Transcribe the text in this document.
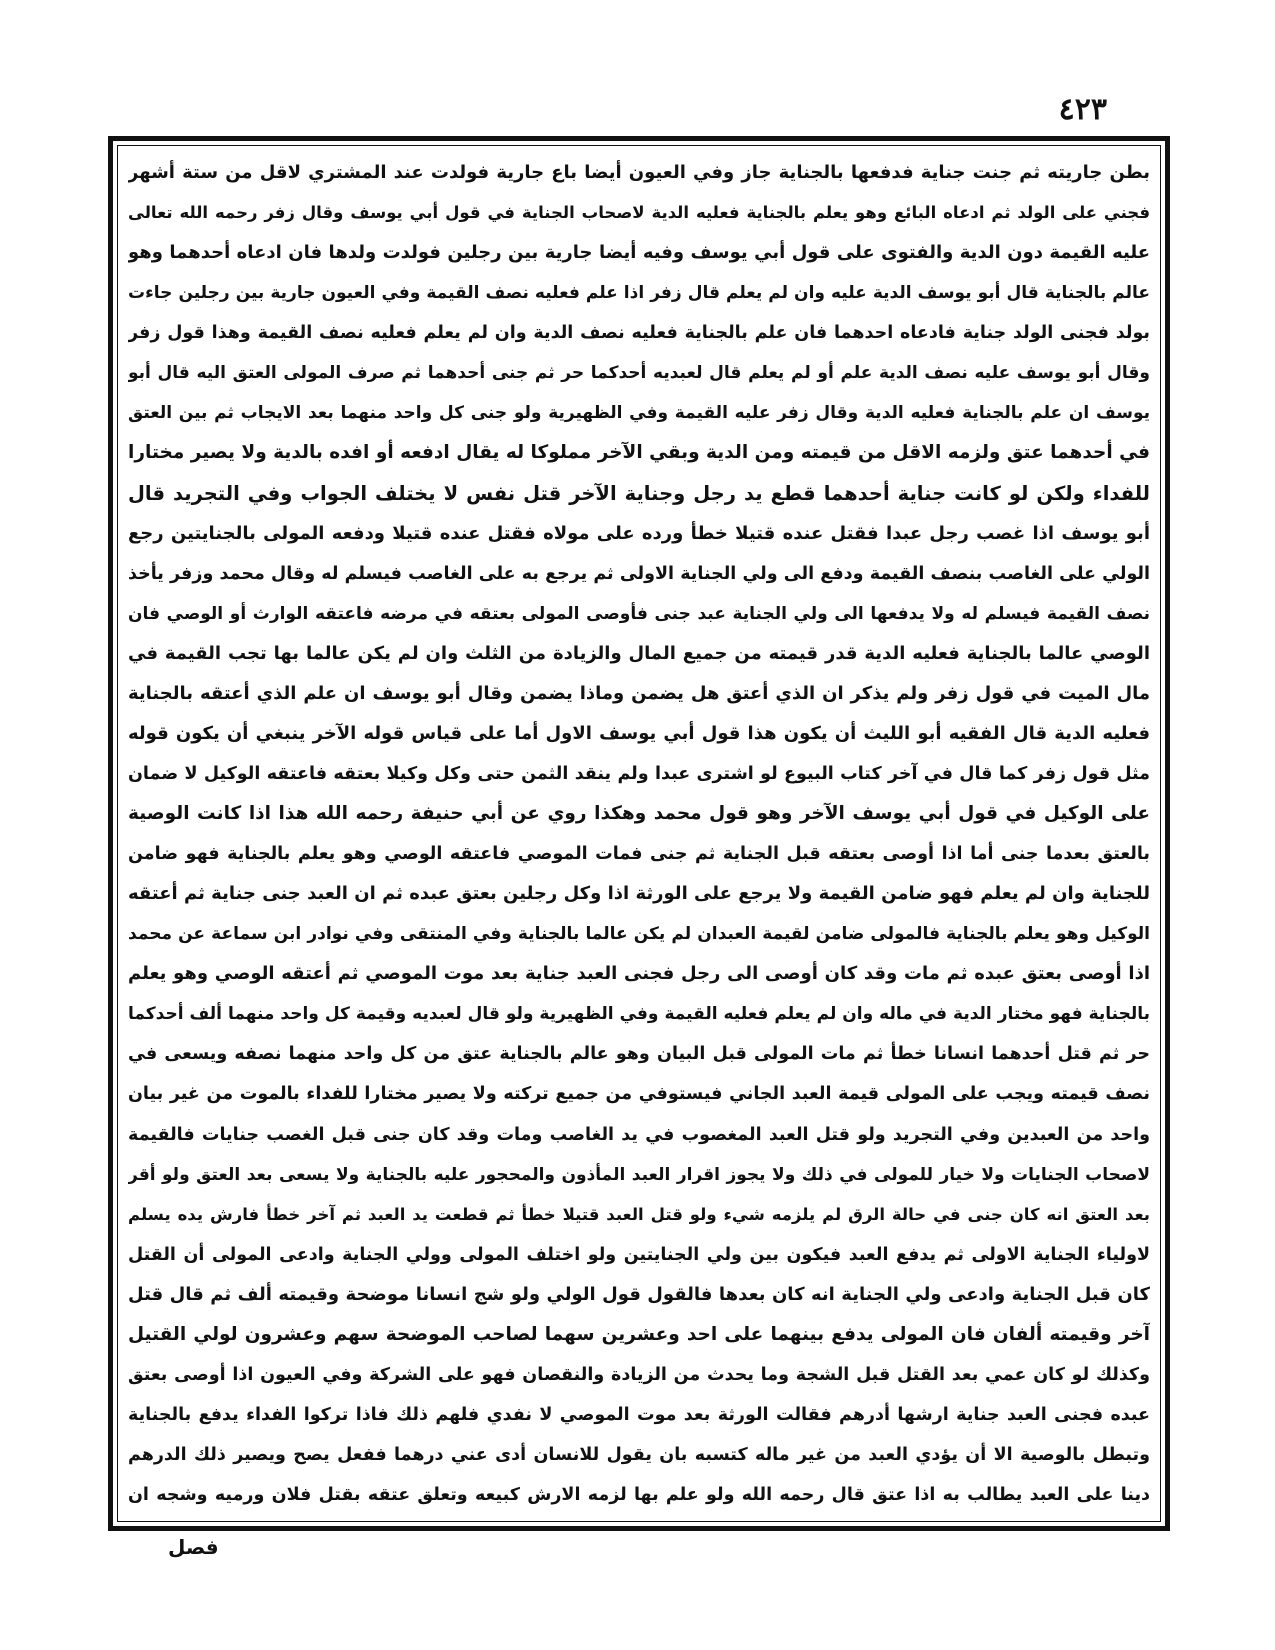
٤٢٣
بطن جاريته ثم جنت جناية فدفعها بالجناية جاز وفي العيون أيضا باع جارية فولدت عند المشتري لاقل من ستة أشهر
فجني على الولد ثم ادعاه البائع وهو يعلم بالجناية فعليه الدية لاصحاب الجناية في قول أبي يوسف وقال زفر رحمه الله تعالى
عليه القيمة دون الدية والفتوى على قول أبي يوسف وفيه أيضا جارية بين رجلين فولدت ولدها فان ادعاه أحدهما وهو
عالم بالجناية قال أبو يوسف الدية عليه وان لم يعلم قال زفر اذا علم فعليه نصف القيمة وفي العيون جارية بين رجلين جاءت
بولد فجنى الولد جناية فادعاه احدهما فان علم بالجناية فعليه نصف الدية وان لم يعلم فعليه نصف القيمة وهذا قول زفر
وقال أبو يوسف عليه نصف الدية علم أو لم يعلم قال لعبديه أحدكما حر ثم جنى أحدهما ثم صرف المولى العتق اليه قال أبو
يوسف ان علم بالجناية فعليه الدية وقال زفر عليه القيمة وفي الظهيرية ولو جنى كل واحد منهما بعد الايجاب ثم بين العتق
في أحدهما عتق ولزمه الاقل من قيمته ومن الدية وبقي الآخر مملوكا له يقال ادفعه أو افده بالدية ولا يصير مختارا
للفداء ولكن لو كانت جناية أحدهما قطع يد رجل وجناية الآخر قتل نفس لا يختلف الجواب وفي التجريد قال
أبو يوسف اذا غصب رجل عبدا فقتل عنده قتيلا خطأ ورده على مولاه فقتل عنده قتيلا ودفعه المولى بالجنايتين رجع
الولي على الغاصب بنصف القيمة ودفع الى ولي الجناية الاولى ثم يرجع به على الغاصب فيسلم له وقال محمد وزفر يأخذ
نصف القيمة فيسلم له ولا يدفعها الى ولي الجناية عبد جنى فأوصى المولى بعتقه في مرضه فاعتقه الوارث أو الوصي فان
الوصي عالما بالجناية فعليه الدية قدر قيمته من جميع المال والزيادة من الثلث وان لم يكن عالما بها تجب القيمة في
مال الميت في قول زفر ولم يذكر ان الذي أعتق هل يضمن وماذا يضمن وقال أبو يوسف ان علم الذي أعتقه بالجناية
فعليه الدية قال الفقيه أبو الليث أن يكون هذا قول أبي يوسف الاول أما على قياس قوله الآخر ينبغي أن يكون قوله
مثل قول زفر كما قال في آخر كتاب البيوع لو اشترى عبدا ولم ينقد الثمن حتى وكل وكيلا بعتقه فاعتقه الوكيل لا ضمان
على الوكيل في قول أبي يوسف الآخر وهو قول محمد وهكذا روي عن أبي حنيفة رحمه الله هذا اذا كانت الوصية
بالعتق بعدما جنى أما اذا أوصى بعتقه قبل الجناية ثم جنى فمات الموصي فاعتقه الوصي وهو يعلم بالجناية فهو ضامن
للجناية وان لم يعلم فهو ضامن القيمة ولا يرجع على الورثة اذا وكل رجلين بعتق عبده ثم ان العبد جنى جناية ثم أعتقه
الوكيل وهو يعلم بالجناية فالمولى ضامن لقيمة العبدان لم يكن عالما بالجناية وفي المنتقى وفي نوادر ابن سماعة عن محمد
اذا أوصى بعتق عبده ثم مات وقد كان أوصى الى رجل فجنى العبد جناية بعد موت الموصي ثم أعتقه الوصي وهو يعلم
بالجناية فهو مختار الدية في ماله وان لم يعلم فعليه القيمة وفي الظهيرية ولو قال لعبديه وقيمة كل واحد منهما ألف أحدكما
حر ثم قتل أحدهما انسانا خطأ ثم مات المولى قبل البيان وهو عالم بالجناية عتق من كل واحد منهما نصفه ويسعى في
نصف قيمته ويجب على المولى قيمة العبد الجاني فيستوفي من جميع تركته ولا يصير مختارا للفداء بالموت من غير بيان
واحد من العبدين وفي التجريد ولو قتل العبد المغصوب في يد الغاصب ومات وقد كان جنى قبل الغصب جنايات فالقيمة
لاصحاب الجنايات ولا خيار للمولى في ذلك ولا يجوز اقرار العبد المأذون والمحجور عليه بالجناية ولا يسعى بعد العتق ولو أقر
بعد العتق انه كان جنى في حالة الرق لم يلزمه شيء ولو قتل العبد قتيلا خطأ ثم قطعت يد العبد ثم آخر خطأ فارش يده يسلم
لاولياء الجناية الاولى ثم يدفع العبد فيكون بين ولي الجنايتين ولو اختلف المولى وولي الجناية وادعى المولى أن القتل
كان قبل الجناية وادعى ولي الجناية انه كان بعدها فالقول قول الولي ولو شج انسانا موضحة وقيمته ألف ثم قال قتل
آخر وقيمته ألفان فان المولى يدفع بينهما على احد وعشرين سهما لصاحب الموضحة سهم وعشرون لولي القتيل
وكذلك لو كان عمي بعد القتل قبل الشجة وما يحدث من الزيادة والنقصان فهو على الشركة وفي العيون اذا أوصى بعتق
عبده فجنى العبد جناية ارشها أدرهم فقالت الورثة بعد موت الموصي لا نفدي فلهم ذلك فاذا تركوا الفداء يدفع بالجناية
وتبطل بالوصية الا أن يؤدي العبد من غير ماله كتسبه بان يقول للانسان أدى عني درهما ففعل يصح ويصير ذلك الدرهم
دينا على العبد يطالب به اذا عتق قال رحمه الله ولو علم بها لزمه الارش كبيعه وتعلق عتقه بقتل فلان ورميه وشجه ان
فصل
